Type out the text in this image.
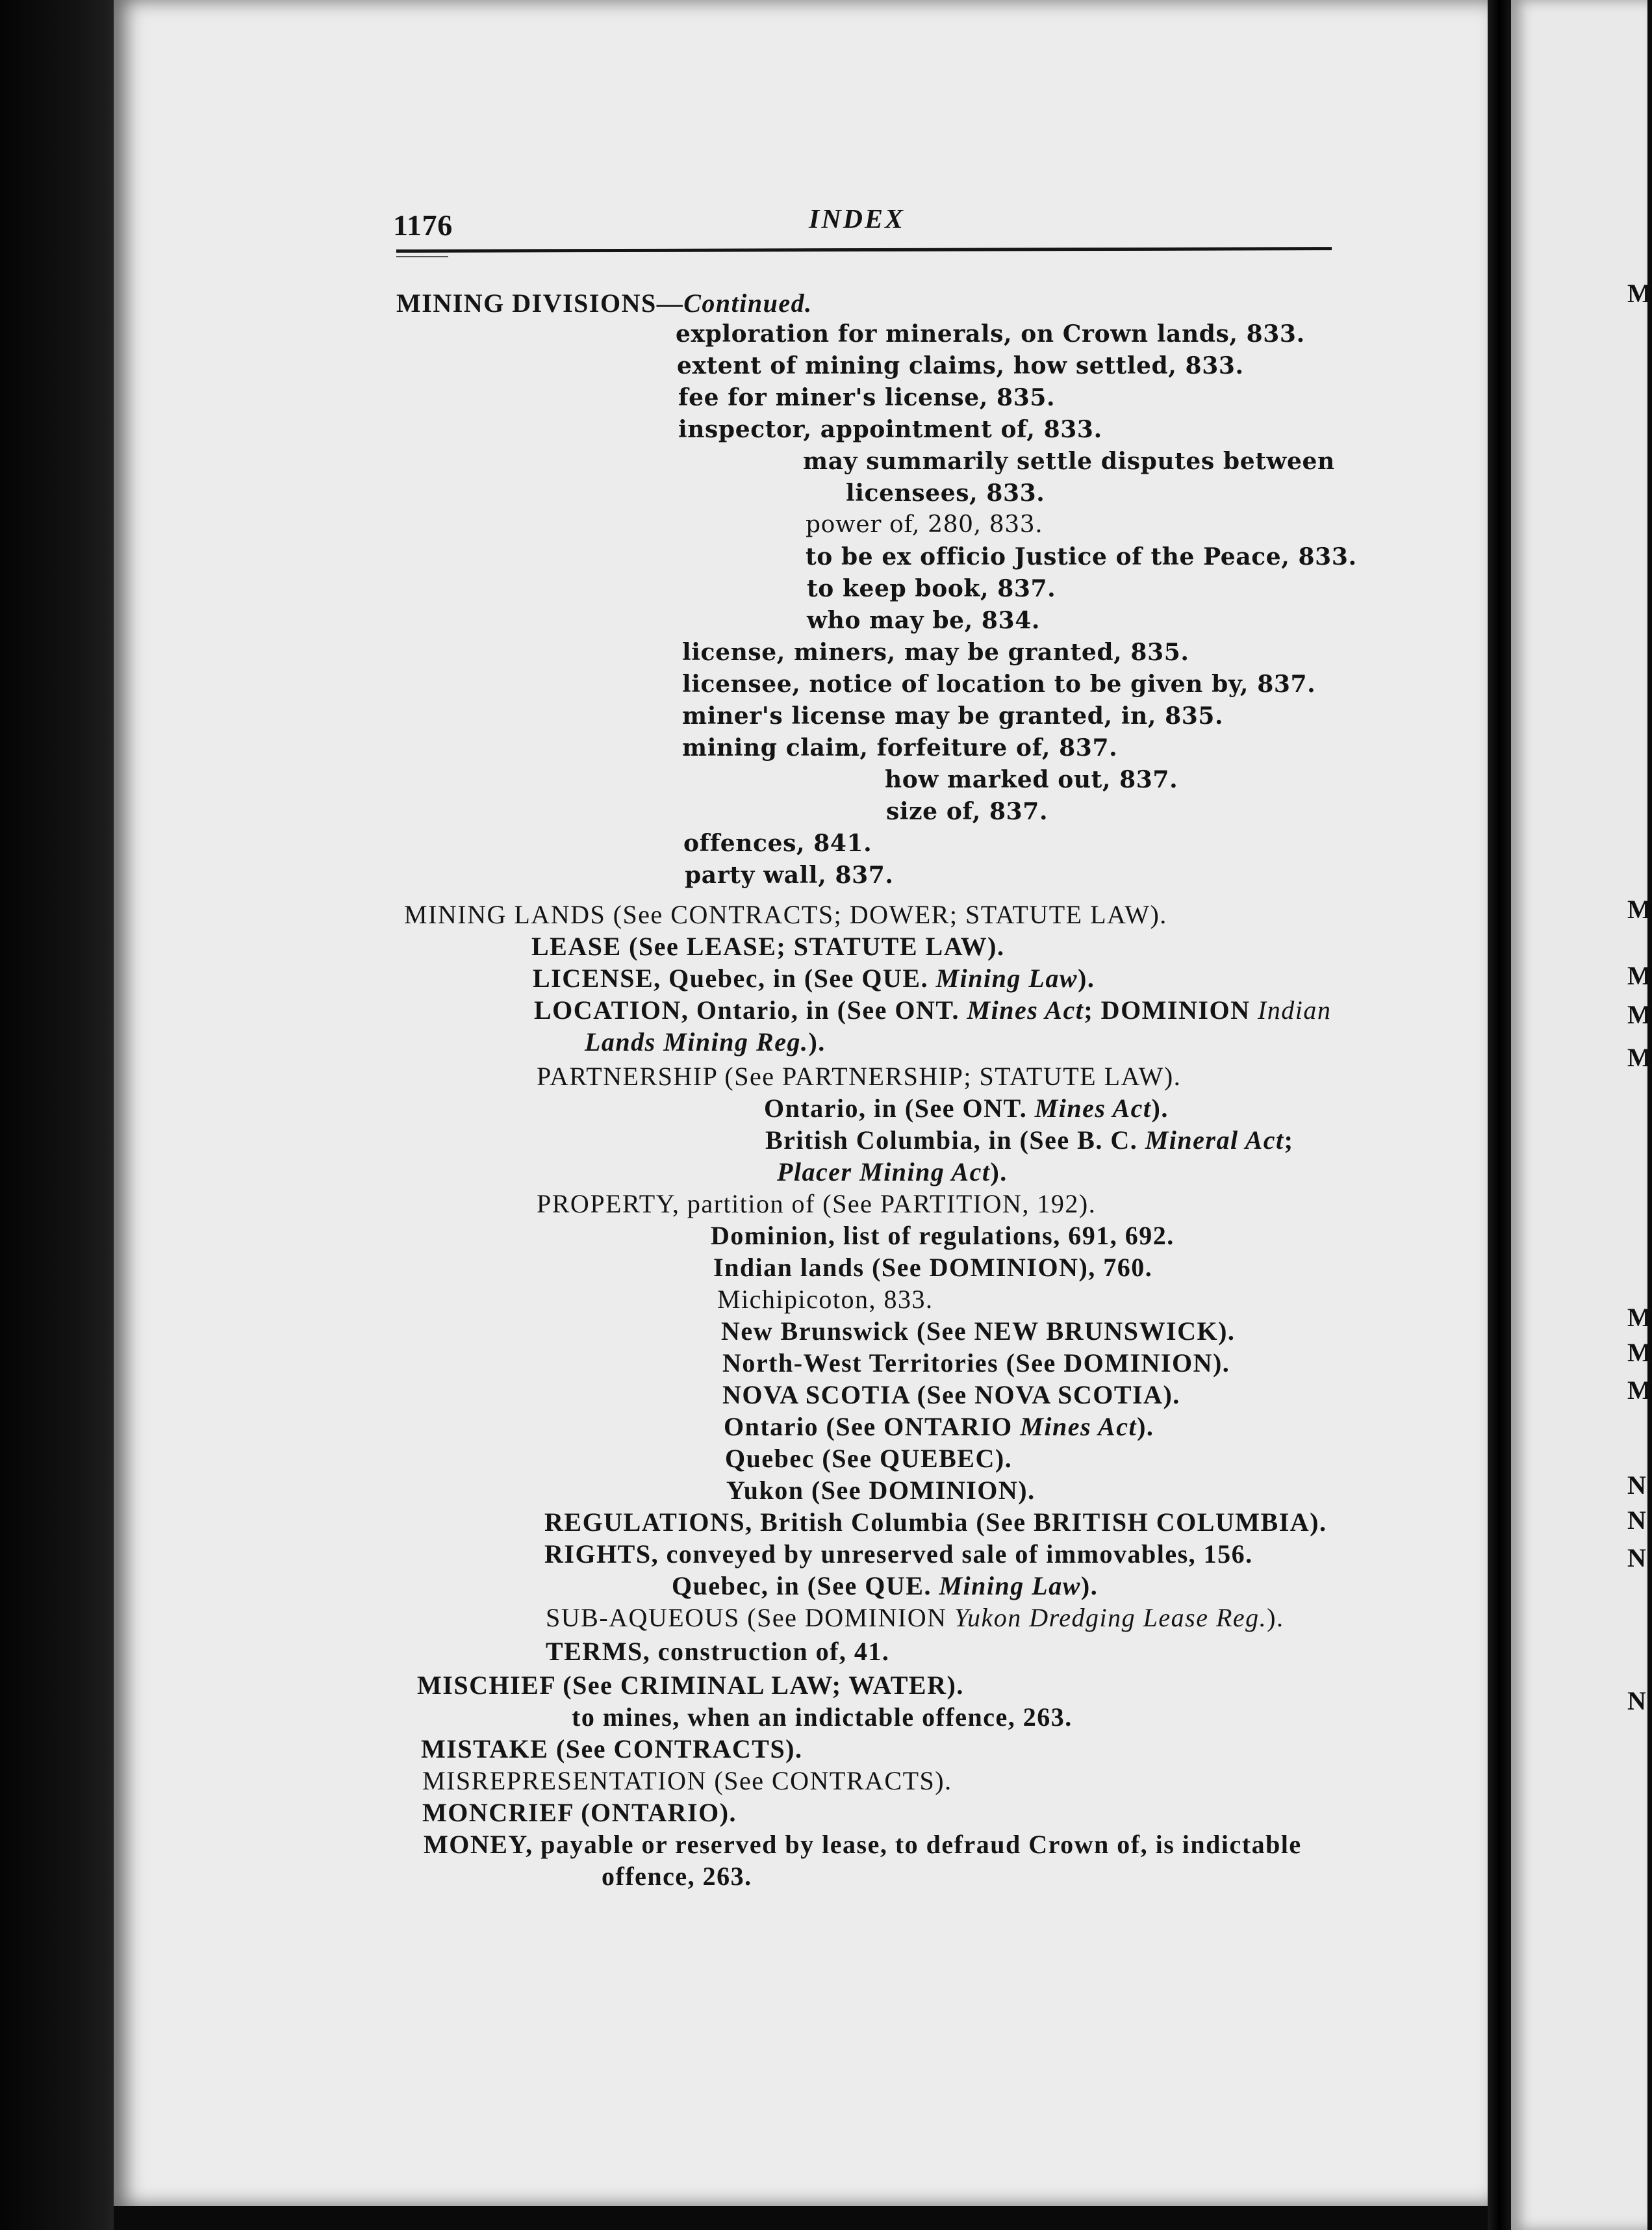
1176	INDEX
MINING DIVISIONS—Continued.
exploration for minerals, on Crown lands, 833.
extent of mining claims, how settled, 833.
fee for miner's license, 835.
inspector, appointment of, 833.
may summarily settle disputes between
licensees, 833.
power of, 280, 833.
to be ex officio Justice of the Peace, 833.
to keep book, 837.
who may be, 834.
license, miners, may be granted, 835.
licensee, notice of location to be given by, 837.
miner's license may be granted, in, 835.
mining claim, forfeiture of, 837.
how marked out, 837.
size of, 837.
offences, 841.
party wall, 837.
MINING LANDS (See CONTRACTS; DOWER; STATUTE LAW).
LEASE (See LEASE; STATUTE LAW).
LICENSE, Quebec, in (See QUE. Mining Law).
LOCATION, Ontario, in (See ONT. Mines Act; DOMINION Indian
Lands Mining Reg.).
PARTNERSHIP (See PARTNERSHIP; STATUTE LAW).
Ontario, in (See ONT. Mines Act).
British Columbia, in (See B. C. Mineral Act;
Placer Mining Act).
PROPERTY, partition of (See PARTITION, 192).
Dominion, list of regulations, 691, 692.
Indian lands (See DOMINION), 760.
Michipicoton, 833.
New Brunswick (See NEW BRUNSWICK).
North-West Territories (See DOMINION).
NOVA SCOTIA (See NOVA SCOTIA).
Ontario (See ONTARIO Mines Act).
Quebec (See QUEBEC).
Yukon (See DOMINION).
REGULATIONS, British Columbia (See BRITISH COLUMBIA).
RIGHTS, conveyed by unreserved sale of immovables, 156.
Quebec, in (See QUE. Mining Law).
SUB-AQUEOUS (See DOMINION Yukon Dredging Lease Reg.).
TERMS, construction of, 41.
MISCHIEF (See CRIMINAL LAW; WATER).
to mines, when an indictable offence, 263.
MISTAKE (See CONTRACTS).
MISREPRESENTATION (See CONTRACTS).
MONCRIEF (ONTARIO).
MONEY, payable or reserved by lease, to defraud Crown of, is indictable
offence, 263.
M
M
M
M
M
M
M
M
N
N
N
N
